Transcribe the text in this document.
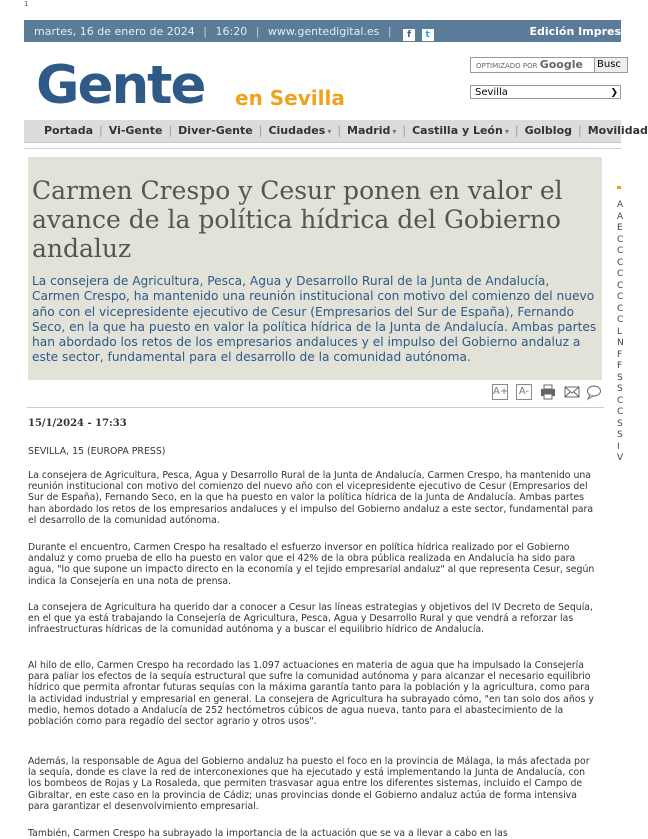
1
martes, 16 de enero de 2024 | 16:20 | www.gentedigital.es | f t	Edición Impres
Gente en Sevilla
OPTIMIZADO POR Google	Busc
Sevilla	❯
Portada | Vi-Gente | Diver-Gente | Ciudades ▾ | Madrid ▾ | Castilla y León ▾ | Golblog | Movilidad
Carmen Crespo y Cesur ponen en valor el
avance de la política hídrica del Gobierno
andaluz
La consejera de Agricultura, Pesca, Agua y Desarrollo Rural de la Junta de Andalucía, Carmen Crespo, ha mantenido una reunión institucional con motivo del comienzo del nuevo año con el vicepresidente ejecutivo de Cesur (Empresarios del Sur de España), Fernando Seco, en la que ha puesto en valor la política hídrica de la Junta de Andalucía. Ambas partes han abordado los retos de los empresarios andaluces y el impulso del Gobierno andaluz a este sector, fundamental para el desarrollo de la comunidad autónoma.
A+ A-
A
A
E
C
C
C
C
C
C
C
C
L
N
F
F
S
S
C
C
S
S
I
V
15/1/2024 - 17:33
SEVILLA, 15 (EUROPA PRESS)

La consejera de Agricultura, Pesca, Agua y Desarrollo Rural de la Junta de Andalucía, Carmen Crespo, ha mantenido una reunión institucional con motivo del comienzo del nuevo año con el vicepresidente ejecutivo de Cesur (Empresarios del Sur de España), Fernando Seco, en la que ha puesto en valor la política hídrica de la Junta de Andalucía. Ambas partes han abordado los retos de los empresarios andaluces y el impulso del Gobierno andaluz a este sector, fundamental para el desarrollo de la comunidad autónoma.

Durante el encuentro, Carmen Crespo ha resaltado el esfuerzo inversor en política hídrica realizado por el Gobierno andaluz y como prueba de ello ha puesto en valor que el 42% de la obra pública realizada en Andalucía ha sido para agua, "lo que supone un impacto directo en la economía y el tejido empresarial andaluz" al que representa Cesur, según indica la Consejería en una nota de prensa.

La consejera de Agricultura ha querido dar a conocer a Cesur las líneas estrategias y objetivos del IV Decreto de Sequía, en el que ya está trabajando la Consejería de Agricultura, Pesca, Agua y Desarrollo Rural y que vendrá a reforzar las infraestructuras hídricas de la comunidad autónoma y a buscar el equilibrio hídrico de Andalucía.

Al hilo de ello, Carmen Crespo ha recordado las 1.097 actuaciones en materia de agua que ha impulsado la Consejería para paliar los efectos de la sequía estructural que sufre la comunidad autónoma y para alcanzar el necesario equilibrio hídrico que permita afrontar futuras sequías con la máxima garantía tanto para la población y la agricultura, como para la actividad industrial y empresarial en general. La consejera de Agricultura ha subrayado cómo, "en tan solo dos años y medio, hemos dotado a Andalucía de 252 hectómetros cúbicos de agua nueva, tanto para el abastecimiento de la población como para regadío del sector agrario y otros usos".

Además, la responsable de Agua del Gobierno andaluz ha puesto el foco en la provincia de Málaga, la más afectada por la sequía, donde es clave la red de interconexiones que ha ejecutado y está implementando la Junta de Andalucía, con los bombeos de Rojas y La Rosaleda, que permiten trasvasar agua entre los diferentes sistemas, incluido el Campo de Gibraltar, en este caso en la provincia de Cádiz; unas provincias donde el Gobierno andaluz actúa de forma intensiva para garantizar el desenvolvimiento empresarial.

También, Carmen Crespo ha subrayado la importancia de la actuación que se va a llevar a cabo en las
